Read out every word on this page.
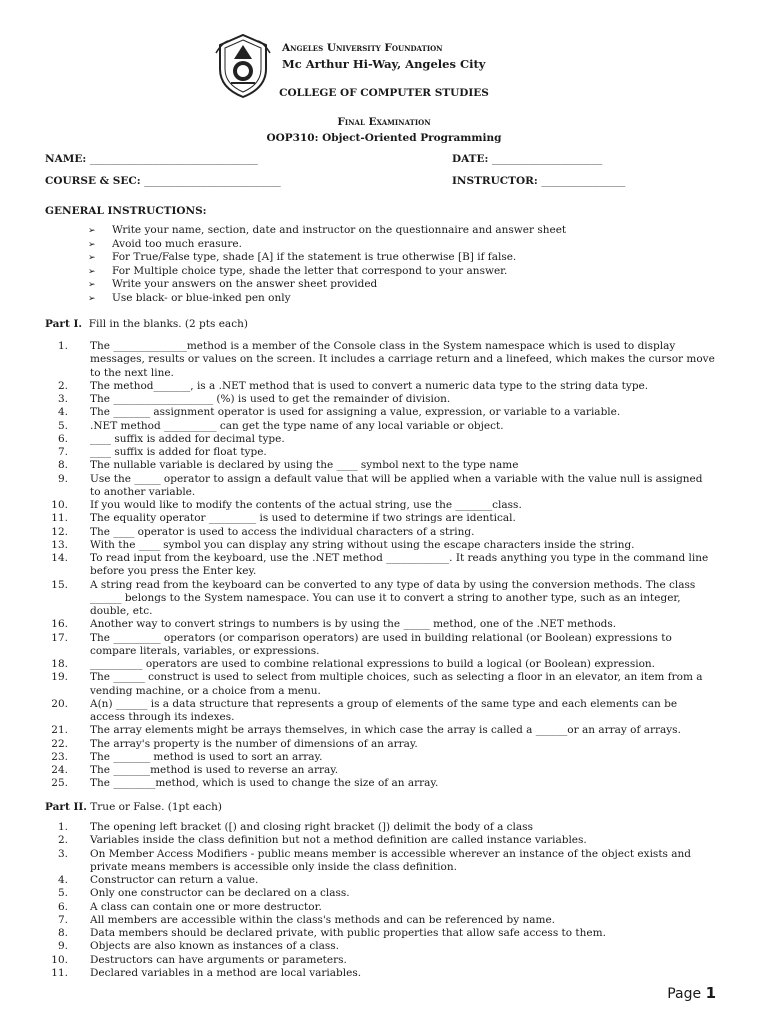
Angeles University Foundation
Mc Arthur Hi-Way, Angeles City
COLLEGE OF COMPUTER STUDIES
Final Examination
OOP310: Object-Oriented Programming
NAME: ________________________________	DATE: _____________________
COURSE & SEC: __________________________	INSTRUCTOR: ________________
GENERAL INSTRUCTIONS:
➢ Write your name, section, date and instructor on the questionnaire and answer sheet
➢ Avoid too much erasure.
➢ For True/False type, shade [A] if the statement is true otherwise [B] if false.
➢ For Multiple choice type, shade the letter that correspond to your answer.
➢ Write your answers on the answer sheet provided
➢ Use black- or blue-inked pen only
Part I. Fill in the blanks. (2 pts each)
1. The ______________method is a member of the Console class in the System namespace which is used to display messages, results or values on the screen. It includes a carriage return and a linefeed, which makes the cursor move to the next line.
2. The method_______, is a .NET method that is used to convert a numeric data type to the string data type.
3. The ___________________ (%) is used to get the remainder of division.
4. The _______ assignment operator is used for assigning a value, expression, or variable to a variable.
5. .NET method __________ can get the type name of any local variable or object.
6. ____ suffix is added for decimal type.
7. ____ suffix is added for float type.
8. The nullable variable is declared by using the ____ symbol next to the type name
9. Use the _____ operator to assign a default value that will be applied when a variable with the value null is assigned to another variable.
10. If you would like to modify the contents of the actual string, use the _______class.
11. The equality operator _________ is used to determine if two strings are identical.
12. The ____ operator is used to access the individual characters of a string.
13. With the ____ symbol you can display any string without using the escape characters inside the string.
14. To read input from the keyboard, use the .NET method ____________. It reads anything you type in the command line before you press the Enter key.
15. A string read from the keyboard can be converted to any type of data by using the conversion methods. The class ______ belongs to the System namespace. You can use it to convert a string to another type, such as an integer, double, etc.
16. Another way to convert strings to numbers is by using the _____ method, one of the .NET methods.
17. The _________ operators (or comparison operators) are used in building relational (or Boolean) expressions to compare literals, variables, or expressions.
18. __________ operators are used to combine relational expressions to build a logical (or Boolean) expression.
19. The ______ construct is used to select from multiple choices, such as selecting a floor in an elevator, an item from a vending machine, or a choice from a menu.
20. A(n) ______ is a data structure that represents a group of elements of the same type and each elements can be access through its indexes.
21. The array elements might be arrays themselves, in which case the array is called a ______or an array of arrays.
22. The array's property is the number of dimensions of an array.
23. The _______ method is used to sort an array.
24. The _______method is used to reverse an array.
25. The ________method, which is used to change the size of an array.
Part II. True or False. (1pt each)
1. The opening left bracket ([) and closing right bracket (]) delimit the body of a class
2. Variables inside the class definition but not a method definition are called instance variables.
3. On Member Access Modifiers - public means member is accessible wherever an instance of the object exists and private means members is accessible only inside the class definition.
4. Constructor can return a value.
5. Only one constructor can be declared on a class.
6. A class can contain one or more destructor.
7. All members are accessible within the class's methods and can be referenced by name.
8. Data members should be declared private, with public properties that allow safe access to them.
9. Objects are also known as instances of a class.
10. Destructors can have arguments or parameters.
11. Declared variables in a method are local variables.
Page 1
